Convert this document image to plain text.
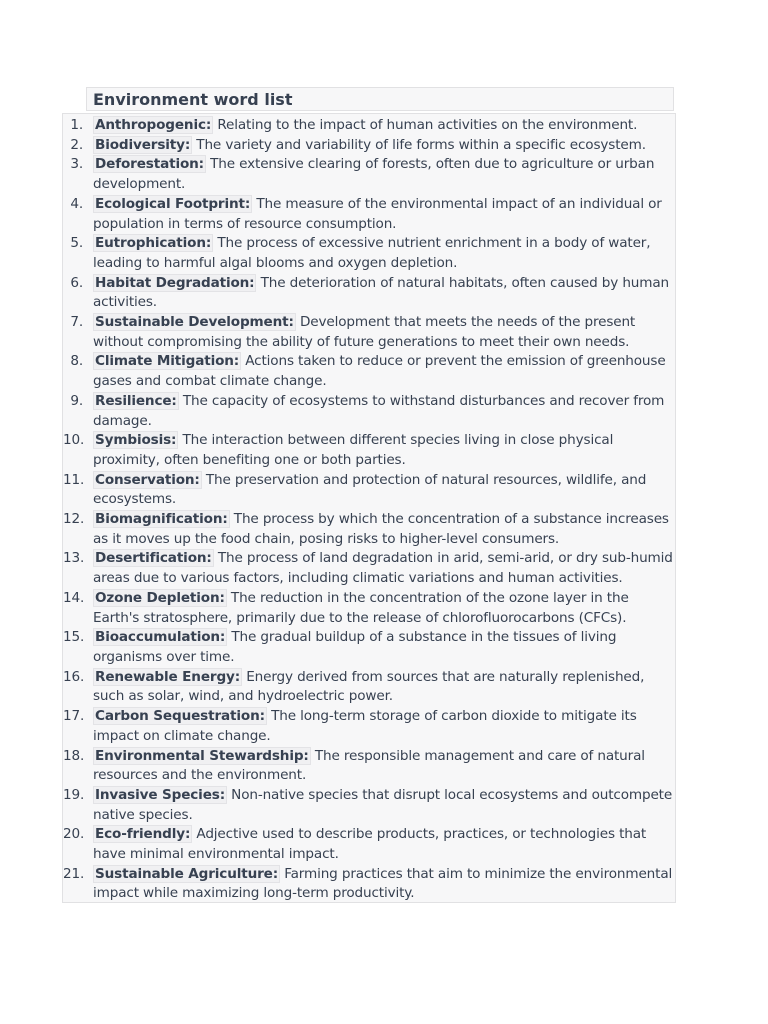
Environment word list
1. Anthropogenic: Relating to the impact of human activities on the environment.
2. Biodiversity: The variety and variability of life forms within a specific ecosystem.
3. Deforestation: The extensive clearing of forests, often due to agriculture or urban development.
4. Ecological Footprint: The measure of the environmental impact of an individual or population in terms of resource consumption.
5. Eutrophication: The process of excessive nutrient enrichment in a body of water, leading to harmful algal blooms and oxygen depletion.
6. Habitat Degradation: The deterioration of natural habitats, often caused by human activities.
7. Sustainable Development: Development that meets the needs of the present without compromising the ability of future generations to meet their own needs.
8. Climate Mitigation: Actions taken to reduce or prevent the emission of greenhouse gases and combat climate change.
9. Resilience: The capacity of ecosystems to withstand disturbances and recover from damage.
10. Symbiosis: The interaction between different species living in close physical proximity, often benefiting one or both parties.
11. Conservation: The preservation and protection of natural resources, wildlife, and ecosystems.
12. Biomagnification: The process by which the concentration of a substance increases as it moves up the food chain, posing risks to higher-level consumers.
13. Desertification: The process of land degradation in arid, semi-arid, or dry sub-humid areas due to various factors, including climatic variations and human activities.
14. Ozone Depletion: The reduction in the concentration of the ozone layer in the Earth's stratosphere, primarily due to the release of chlorofluorocarbons (CFCs).
15. Bioaccumulation: The gradual buildup of a substance in the tissues of living organisms over time.
16. Renewable Energy: Energy derived from sources that are naturally replenished, such as solar, wind, and hydroelectric power.
17. Carbon Sequestration: The long-term storage of carbon dioxide to mitigate its impact on climate change.
18. Environmental Stewardship: The responsible management and care of natural resources and the environment.
19. Invasive Species: Non-native species that disrupt local ecosystems and outcompete native species.
20. Eco-friendly: Adjective used to describe products, practices, or technologies that have minimal environmental impact.
21. Sustainable Agriculture: Farming practices that aim to minimize the environmental impact while maximizing long-term productivity.
